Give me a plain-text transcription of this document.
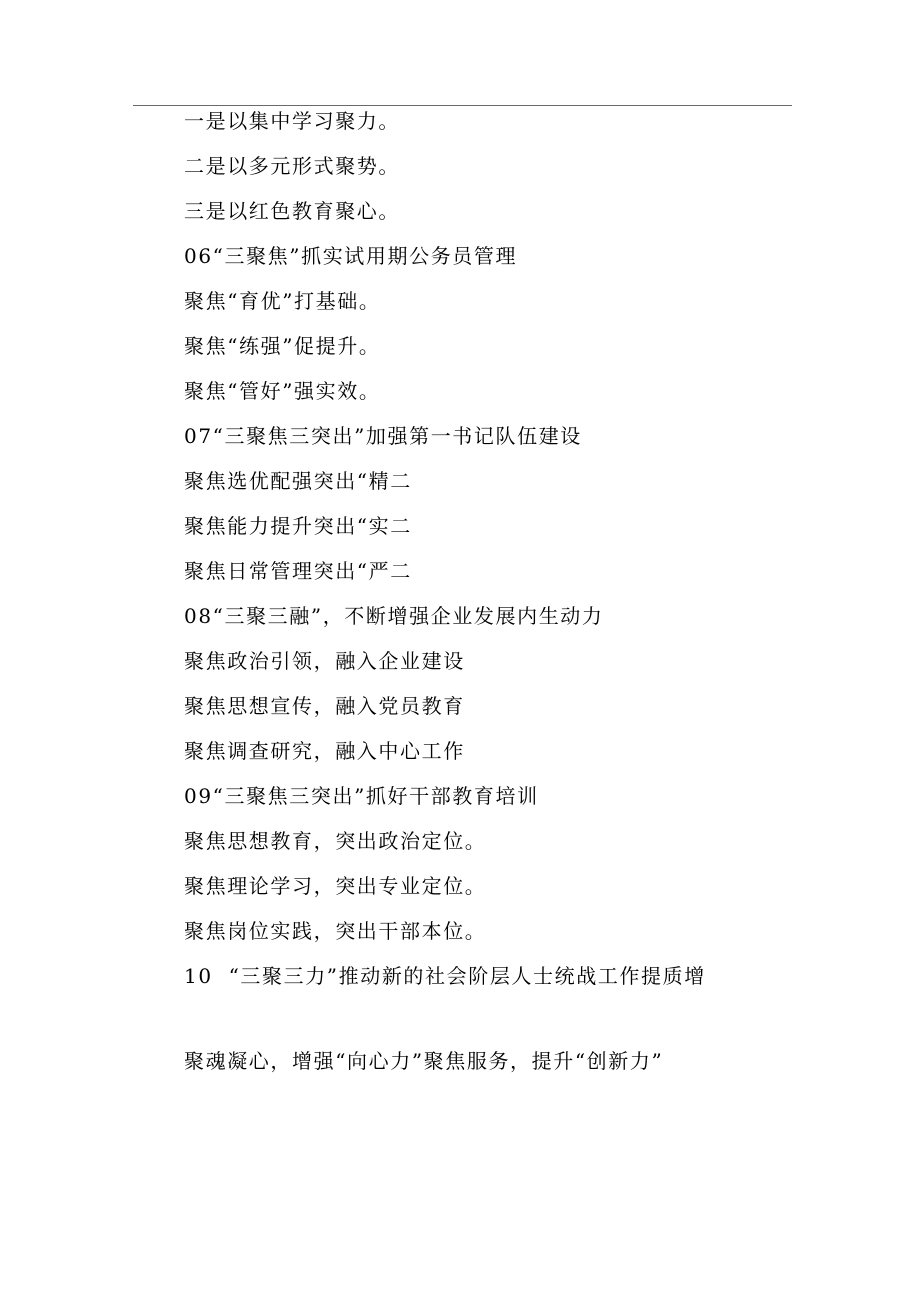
一是以集中学习聚力。
二是以多元形式聚势。
三是以红色教育聚心。
06“三聚焦”抓实试用期公务员管理
聚焦“育优”打基础。
聚焦“练强”促提升。
聚焦“管好”强实效。
07“三聚焦三突出”加强第一书记队伍建设
聚焦选优配强突出“精二
聚焦能力提升突出“实二
聚焦日常管理突出“严二
08“三聚三融”，不断增强企业发展内生动力
聚焦政治引领，融入企业建设
聚焦思想宣传，融入党员教育
聚焦调查研究，融入中心工作
09“三聚焦三突出”抓好干部教育培训
聚焦思想教育，突出政治定位。
聚焦理论学习，突出专业定位。
聚焦岗位实践，突出干部本位。
10  “三聚三力”推动新的社会阶层人士统战工作提质增
聚魂凝心，增强“向心力”聚焦服务，提升“创新力”
